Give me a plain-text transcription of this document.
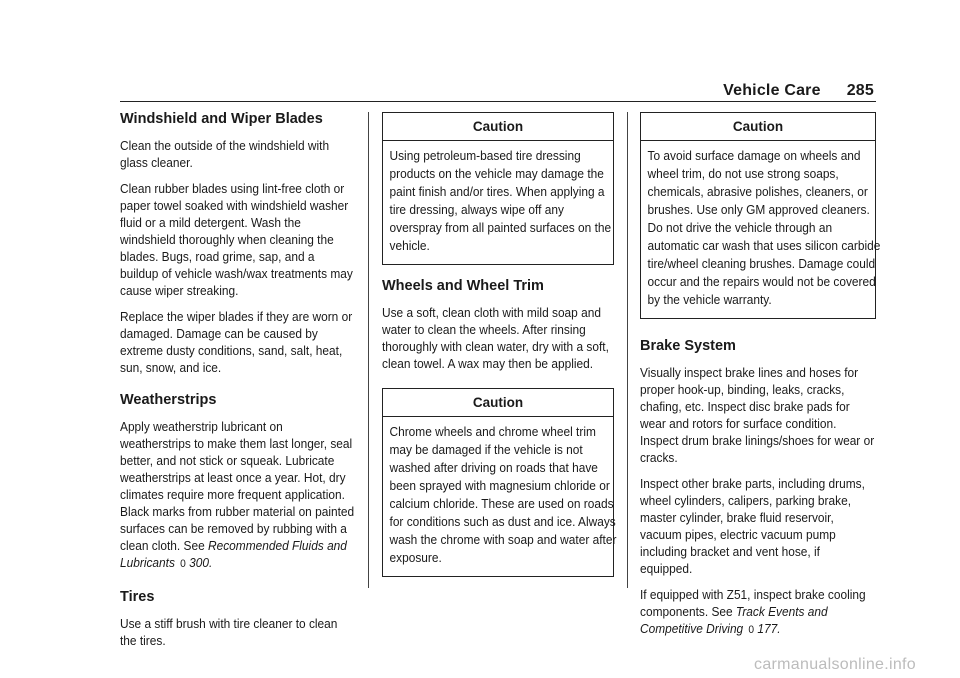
Vehicle Care 285
Windshield and Wiper Blades

Clean the outside of the windshield with glass cleaner.

Clean rubber blades using lint-free cloth or paper towel soaked with windshield washer fluid or a mild detergent. Wash the windshield thoroughly when cleaning the blades. Bugs, road grime, sap, and a buildup of vehicle wash/wax treatments may cause wiper streaking.

Replace the wiper blades if they are worn or damaged. Damage can be caused by extreme dusty conditions, sand, salt, heat, sun, snow, and ice.

Weatherstrips

Apply weatherstrip lubricant on weatherstrips to make them last longer, seal better, and not stick or squeak. Lubricate weatherstrips at least once a year. Hot, dry climates require more frequent application. Black marks from rubber material on painted surfaces can be removed by rubbing with a clean cloth. See Recommended Fluids and Lubricants 0 300.

Tires

Use a stiff brush with tire cleaner to clean the tires.

Caution
Using petroleum-based tire dressing products on the vehicle may damage the paint finish and/or tires. When applying a tire dressing, always wipe off any overspray from all painted surfaces on the vehicle.
Wheels and Wheel Trim

Use a soft, clean cloth with mild soap and water to clean the wheels. After rinsing thoroughly with clean water, dry with a soft, clean towel. A wax may then be applied.

Caution
Chrome wheels and chrome wheel trim may be damaged if the vehicle is not washed after driving on roads that have been sprayed with magnesium chloride or calcium chloride. These are used on roads for conditions such as dust and ice. Always wash the chrome with soap and water after exposure.
Caution
To avoid surface damage on wheels and wheel trim, do not use strong soaps, chemicals, abrasive polishes, cleaners, or brushes. Use only GM approved cleaners. Do not drive the vehicle through an automatic car wash that uses silicon carbide tire/wheel cleaning brushes. Damage could occur and the repairs would not be covered by the vehicle warranty.
Brake System

Visually inspect brake lines and hoses for proper hook-up, binding, leaks, cracks, chafing, etc. Inspect disc brake pads for wear and rotors for surface condition. Inspect drum brake linings/shoes for wear or cracks.

Inspect other brake parts, including drums, wheel cylinders, calipers, parking brake, master cylinder, brake fluid reservoir, vacuum pipes, electric vacuum pump including bracket and vent hose, if equipped.

If equipped with Z51, inspect brake cooling components. See Track Events and Competitive Driving 0 177.

carmanualsonline.info
